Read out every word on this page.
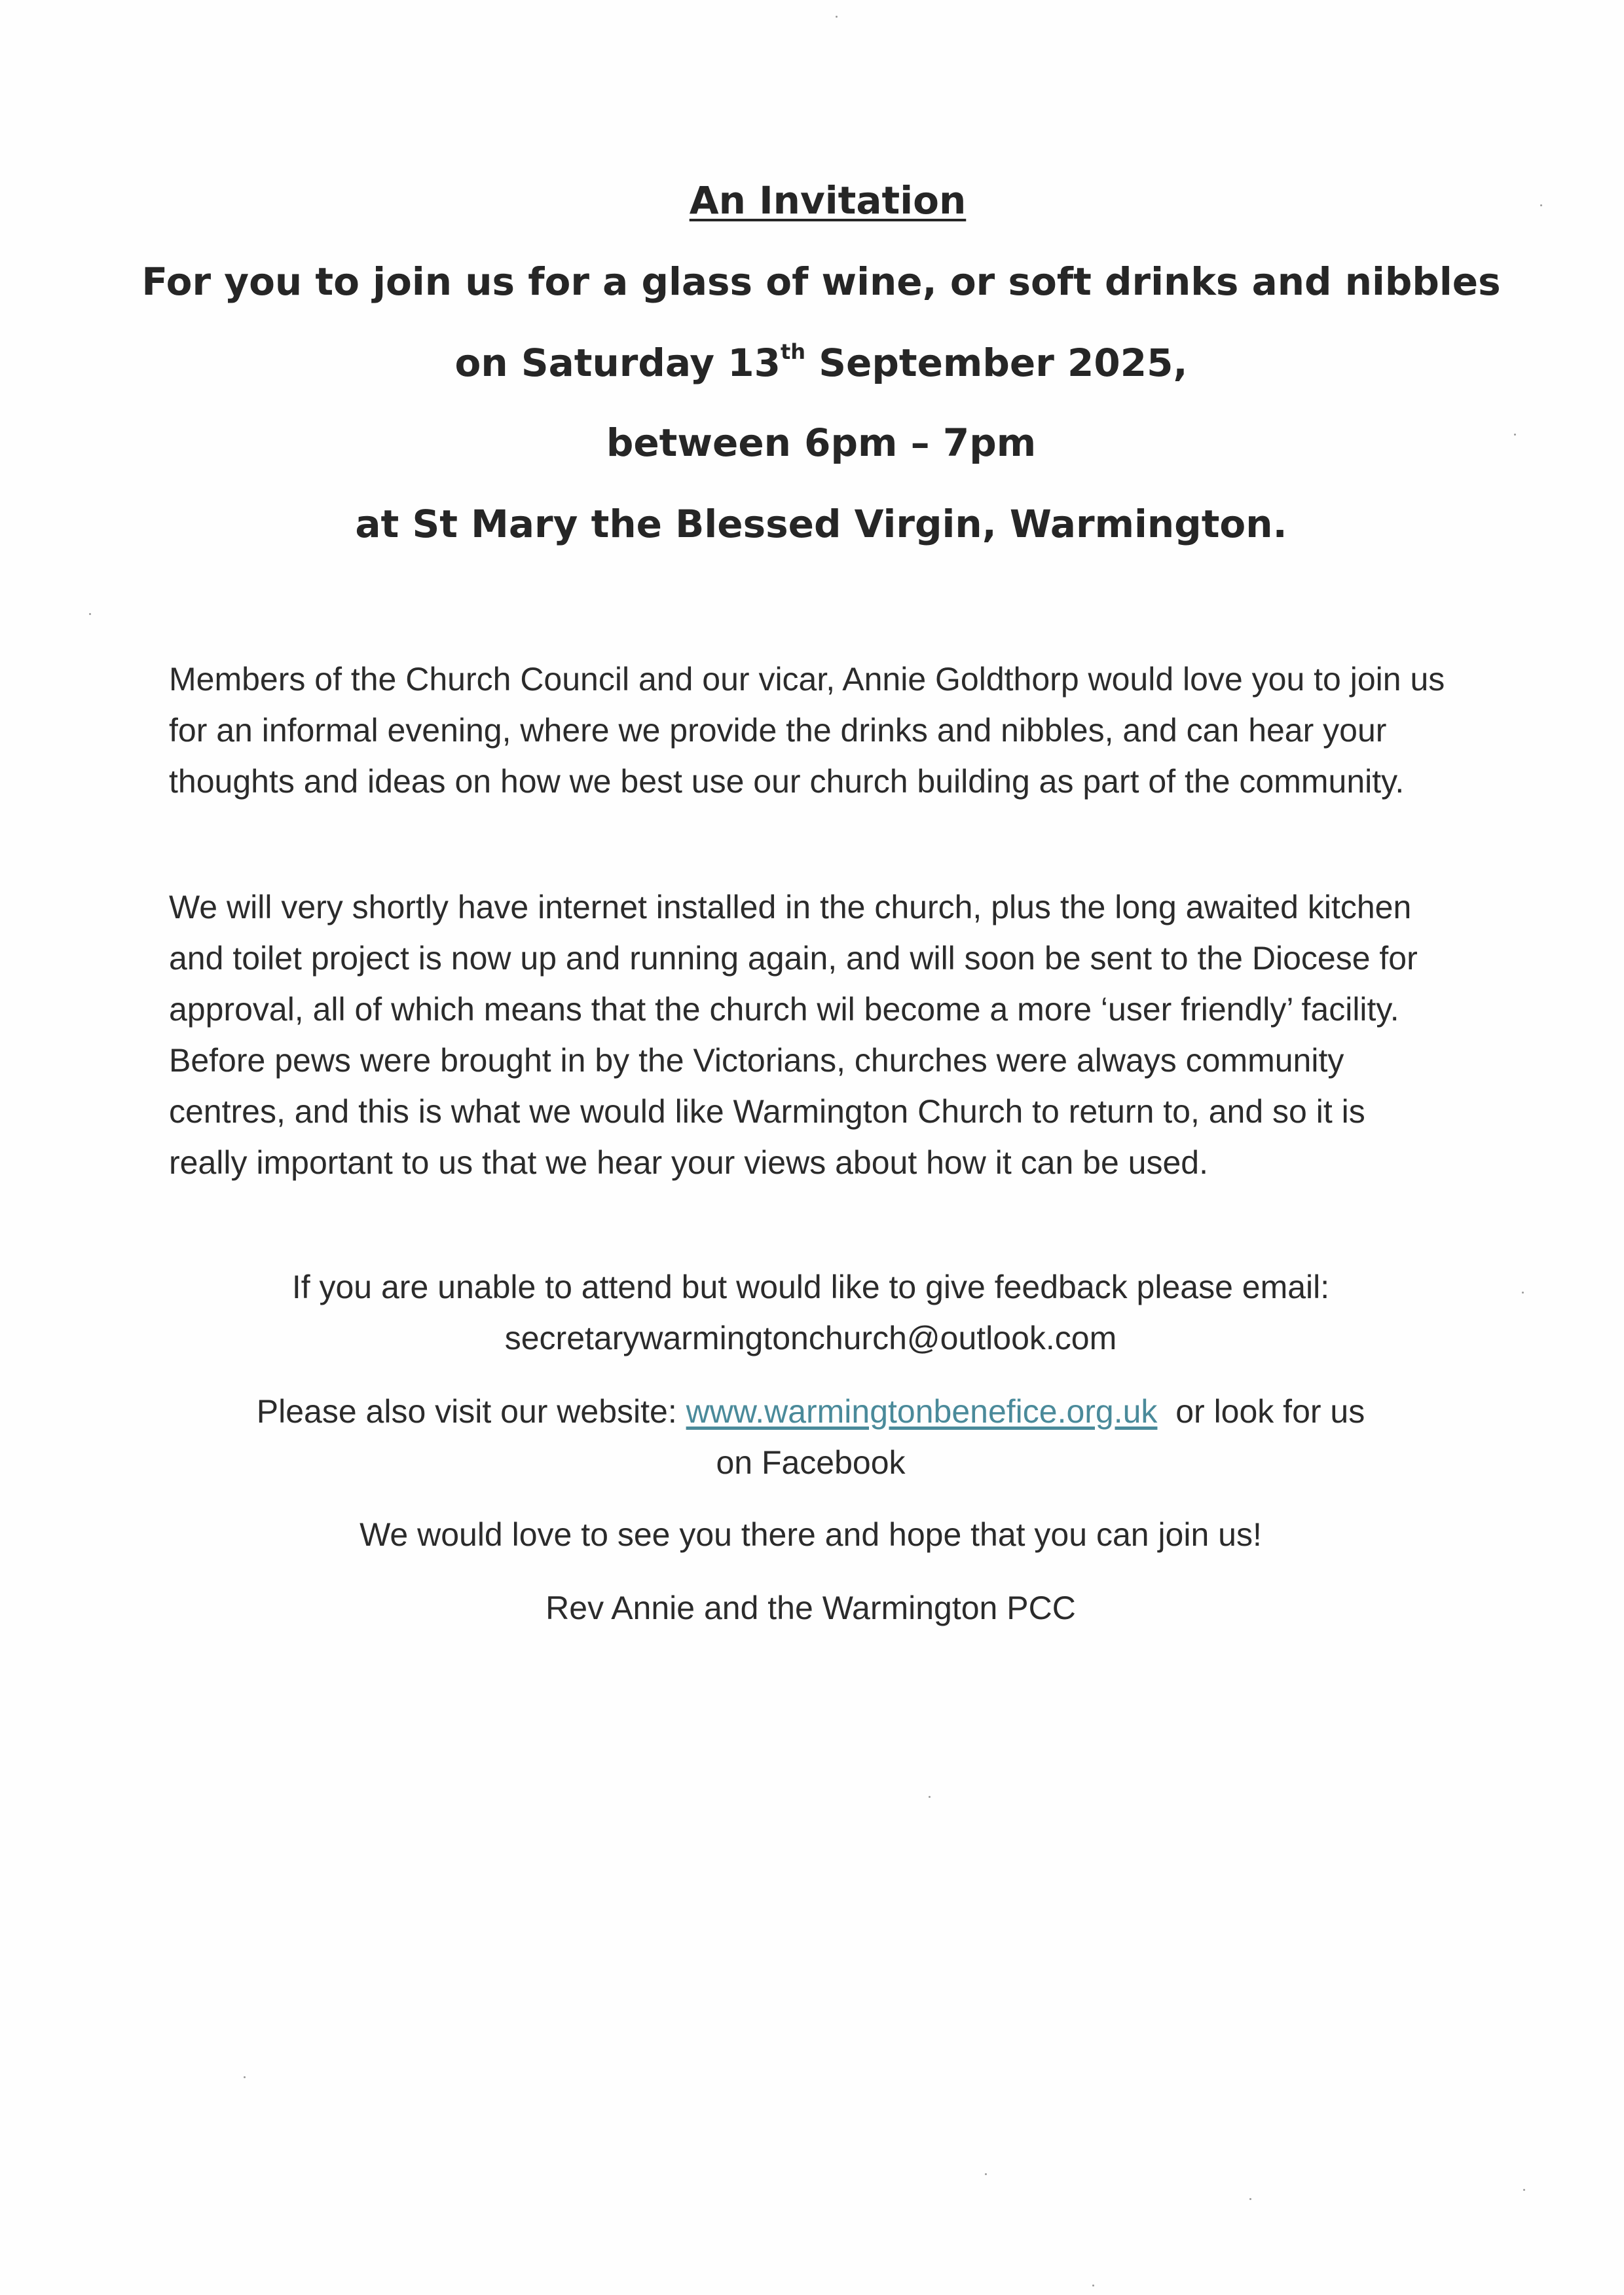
An Invitation
For you to join us for a glass of wine, or soft drinks and nibbles
on Saturday 13th September 2025,
between 6pm – 7pm
at St Mary the Blessed Virgin, Warmington.

Members of the Church Council and our vicar, Annie Goldthorp would love you to join us for an informal evening, where we provide the drinks and nibbles, and can hear your thoughts and ideas on how we best use our church building as part of the community.

We will very shortly have internet installed in the church, plus the long awaited kitchen and toilet project is now up and running again, and will soon be sent to the Diocese for approval, all of which means that the church wil become a more ‘user friendly’ facility. Before pews were brought in by the Victorians, churches were always community centres, and this is what we would like Warmington Church to return to, and so it is really important to us that we hear your views about how it can be used.

If you are unable to attend but would like to give feedback please email:
secretarywarmingtonchurch@outlook.com

Please also visit our website: www.warmingtonbenefice.org.uk  or look for us
on Facebook

We would love to see you there and hope that you can join us!

Rev Annie and the Warmington PCC
